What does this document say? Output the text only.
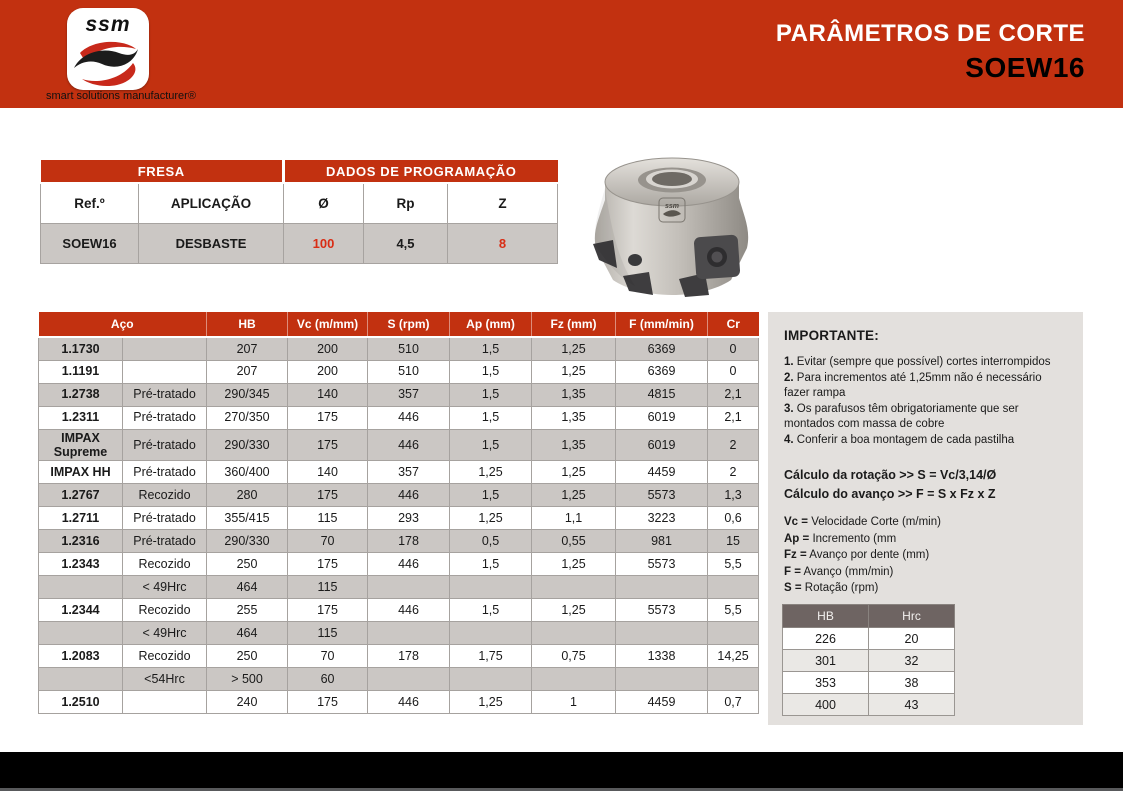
ssm
smart solutions manufacturer®
PARÂMETROS DE CORTE
SOEW16
FRESA		DADOS DE PROGRAMAÇÃO		
Ref.º	APLICAÇÃO	Ø	Rp	Z
SOEW16	DESBASTE	100	4,5	8
ssm
Aço		HB	Vc (m/mm)	S (rpm)	Ap (mm)	Fz (mm)	F (mm/min)	Cr
1.1730		207	200	510	1,5	1,25	6369	0
1.1191		207	200	510	1,5	1,25	6369	0
1.2738	Pré-tratado	290/345	140	357	1,5	1,35	4815	2,1
1.2311	Pré-tratado	270/350	175	446	1,5	1,35	6019	2,1
IMPAX Supreme	Pré-tratado	290/330	175	446	1,5	1,35	6019	2
IMPAX HH	Pré-tratado	360/400	140	357	1,25	1,25	4459	2
1.2767	Recozido	280	175	446	1,5	1,25	5573	1,3
1.2711	Pré-tratado	355/415	115	293	1,25	1,1	3223	0,6
1.2316	Pré-tratado	290/330	70	178	0,5	0,55	981	15
1.2343	Recozido	250	175	446	1,5	1,25	5573	5,5
	< 49Hrc	464	115					
1.2344	Recozido	255	175	446	1,5	1,25	5573	5,5
	< 49Hrc	464	115					
1.2083	Recozido	250	70	178	1,75	0,75	1338	14,25
	<54Hrc	> 500	60					
1.2510		240	175	446	1,25	1	4459	0,7
IMPORTANTE:
1. Evitar (sempre que possível) cortes interrompidos
2. Para incrementos até 1,25mm não é necessário fazer rampa
3. Os parafusos têm obrigatoriamente que ser montados com massa de cobre
4. Conferir a boa montagem de cada pastilha
Cálculo da rotação >> S = Vc/3,14/Ø
Cálculo do avanço >> F = S x Fz x Z
Vc = Velocidade Corte (m/min)
Ap = Incremento (mm
Fz = Avanço por dente (mm)
F = Avanço (mm/min)
S = Rotação (rpm)
HB	Hrc
226	20
301	32
353	38
400	43
